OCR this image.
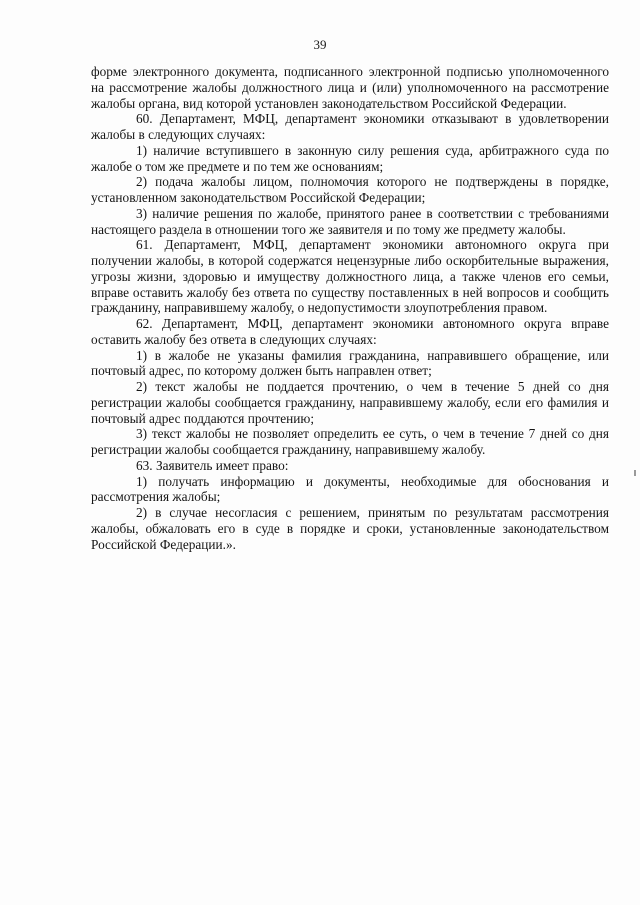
39

форме электронного документа, подписанного электронной подписью уполномоченного на рассмотрение жалобы должностного лица и (или) уполномоченного на рассмотрение жалобы органа, вид которой установлен законодательством Российской Федерации.

60. Департамент, МФЦ, департамент экономики отказывают в удовлетворении жалобы в следующих случаях:

1) наличие вступившего в законную силу решения суда, арбитражного суда по жалобе о том же предмете и по тем же основаниям;

2) подача жалобы лицом, полномочия которого не подтверждены в порядке, установленном законодательством Российской Федерации;

3) наличие решения по жалобе, принятого ранее в соответствии с требованиями настоящего раздела в отношении того же заявителя и по тому же предмету жалобы.

61. Департамент, МФЦ, департамент экономики автономного округа при получении жалобы, в которой содержатся нецензурные либо оскорбительные выражения, угрозы жизни, здоровью и имуществу должностного лица, а также членов его семьи, вправе оставить жалобу без ответа по существу поставленных в ней вопросов и сообщить гражданину, направившему жалобу, о недопустимости злоупотребления правом.

62. Департамент, МФЦ, департамент экономики автономного округа вправе оставить жалобу без ответа в следующих случаях:

1) в жалобе не указаны фамилия гражданина, направившего обращение, или почтовый адрес, по которому должен быть направлен ответ;

2) текст жалобы не поддается прочтению, о чем в течение 5 дней со дня регистрации жалобы сообщается гражданину, направившему жалобу, если его фамилия и почтовый адрес поддаются прочтению;

3) текст жалобы не позволяет определить ее суть, о чем в течение 7 дней со дня регистрации жалобы сообщается гражданину, направившему жалобу.

63. Заявитель имеет право:

1) получать информацию и документы, необходимые для обоснования и рассмотрения жалобы;

2) в случае несогласия с решением, принятым по результатам рассмотрения жалобы, обжаловать его в суде в порядке и сроки, установленные законодательством Российской Федерации.».
